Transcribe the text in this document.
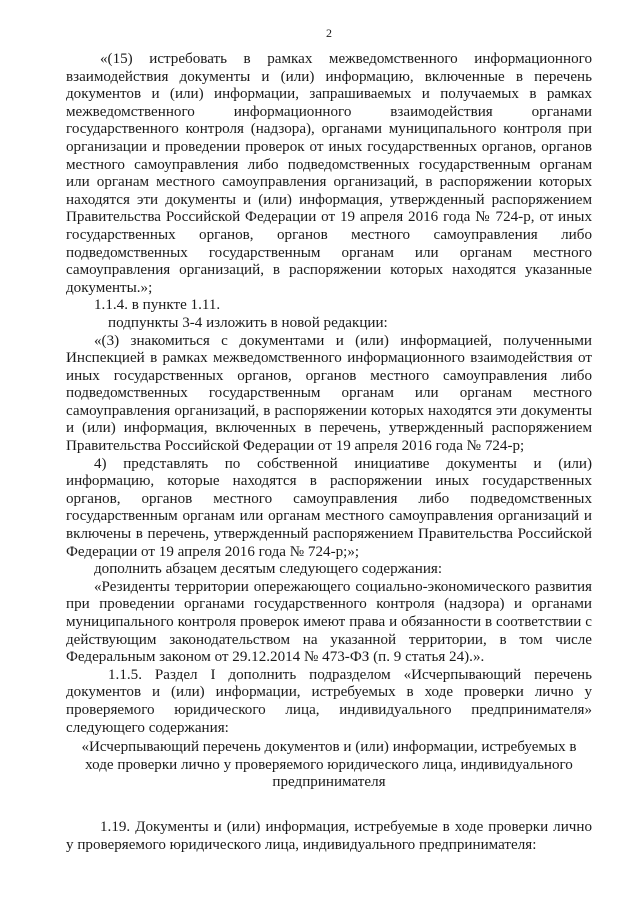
2

«(15) истребовать в рамках межведомственного информационного взаимодействия документы и (или) информацию, включенные в перечень документов и (или) информации, запрашиваемых и получаемых в рамках межведомственного информационного взаимодействия органами государственного контроля (надзора), органами муниципального контроля при организации и проведении проверок от иных государственных органов, органов местного самоуправления либо подведомственных государственным органам или органам местного самоуправления организаций, в распоряжении которых находятся эти документы и (или) информация, утвержденный распоряжением Правительства Российской Федерации от 19 апреля 2016 года № 724-р, от иных государственных органов, органов местного самоуправления либо подведомственных государственным органам или органам местного самоуправления организаций, в распоряжении которых находятся указанные документы.»;

1.1.4. в пункте 1.11.

подпункты 3-4 изложить в новой редакции:

«(3) знакомиться с документами и (или) информацией, полученными Инспекцией в рамках межведомственного информационного взаимодействия от иных государственных органов, органов местного самоуправления либо подведомственных государственным органам или органам местного самоуправления организаций, в распоряжении которых находятся эти документы и (или) информация, включенных в перечень, утвержденный распоряжением Правительства Российской Федерации от 19 апреля 2016 года № 724-р;

4) представлять по собственной инициативе документы и (или) информацию, которые находятся в распоряжении иных государственных органов, органов местного самоуправления либо подведомственных государственным органам или органам местного самоуправления организаций и включены в перечень, утвержденный распоряжением Правительства Российской Федерации от 19 апреля 2016 года № 724-р;»;

дополнить абзацем десятым следующего содержания:

«Резиденты территории опережающего социально-экономического развития при проведении органами государственного контроля (надзора) и органами муниципального контроля проверок имеют права и обязанности в соответствии с действующим законодательством на указанной территории, в том числе Федеральным законом от 29.12.2014 № 473-ФЗ (п. 9 статья 24).».

1.1.5. Раздел I дополнить подразделом «Исчерпывающий перечень документов и (или) информации, истребуемых в ходе проверки лично у проверяемого юридического лица, индивидуального предпринимателя» следующего содержания:

«Исчерпывающий перечень документов и (или) информации, истребуемых в ходе проверки лично у проверяемого юридического лица, индивидуального предпринимателя

1.19. Документы и (или) информация, истребуемые в ходе проверки лично у проверяемого юридического лица, индивидуального предпринимателя:
